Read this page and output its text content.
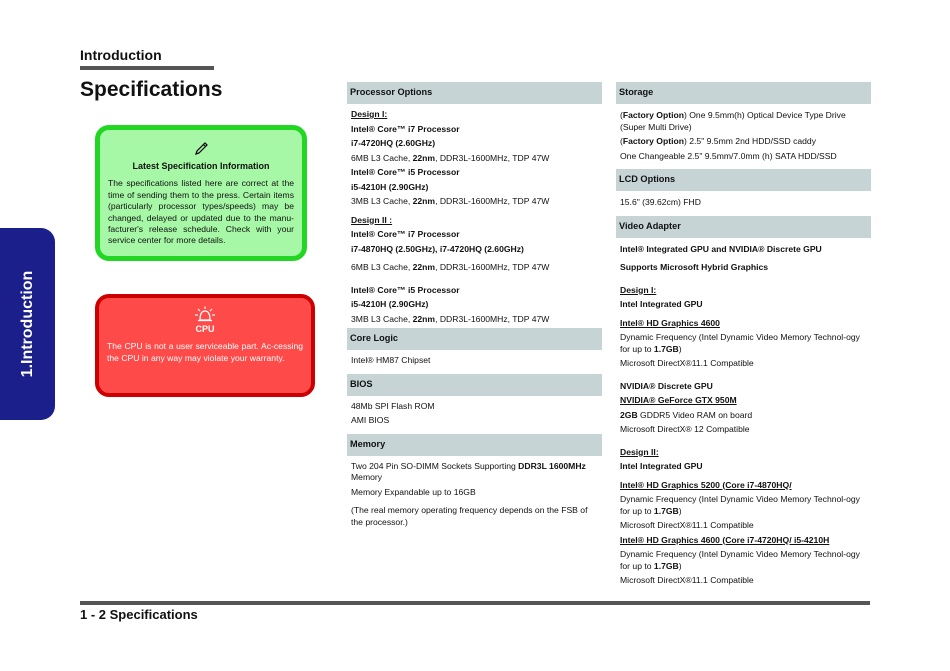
Introduction
Specifications
1.Introduction
Latest Specification Information
The specifications listed here are correct at the time of sending them to the press. Certain items (particularly processor types/speeds) may be changed, delayed or updated due to the manu-facturer's release schedule. Check with your service center for more details.
CPU
The CPU is not a user serviceable part. Ac-cessing the CPU in any way may violate your warranty.
Processor Options
Design I:
Intel® Core™ i7 Processor
i7-4720HQ (2.60GHz)
6MB L3 Cache, 22nm, DDR3L-1600MHz, TDP 47W
Intel® Core™ i5 Processor
i5-4210H (2.90GHz)
3MB L3 Cache, 22nm, DDR3L-1600MHz, TDP 47W
Design II :
Intel® Core™ i7 Processor
i7-4870HQ (2.50GHz), i7-4720HQ (2.60GHz)
6MB L3 Cache, 22nm, DDR3L-1600MHz, TDP 47W
Intel® Core™ i5 Processor
i5-4210H (2.90GHz)
3MB L3 Cache, 22nm, DDR3L-1600MHz, TDP 47W
Core Logic
Intel® HM87 Chipset
BIOS
48Mb SPI Flash ROM
AMI BIOS
Memory
Two 204 Pin SO-DIMM Sockets Supporting DDR3L 1600MHz Memory
Memory Expandable up to 16GB
(The real memory operating frequency depends on the FSB of the processor.)
Storage
(Factory Option) One 9.5mm(h) Optical Device Type Drive (Super Multi Drive)
(Factory Option) 2.5" 9.5mm 2nd HDD/SSD caddy
One Changeable 2.5" 9.5mm/7.0mm (h) SATA HDD/SSD
LCD Options
15.6" (39.62cm) FHD
Video Adapter
Intel® Integrated GPU and NVIDIA® Discrete GPU
Supports Microsoft Hybrid Graphics
Design I:
Intel Integrated GPU
Intel® HD Graphics 4600
Dynamic Frequency (Intel Dynamic Video Memory Technol-ogy for up to 1.7GB)
Microsoft DirectX®11.1 Compatible
NVIDIA® Discrete GPU
NVIDIA® GeForce GTX 950M
2GB GDDR5 Video RAM on board
Microsoft DirectX® 12 Compatible
Design II:
Intel Integrated GPU
Intel® HD Graphics 5200 (Core i7-4870HQ/
Dynamic Frequency (Intel Dynamic Video Memory Technol-ogy for up to 1.7GB)
Microsoft DirectX®11.1 Compatible
Intel® HD Graphics 4600 (Core i7-4720HQ/ i5-4210H
Dynamic Frequency (Intel Dynamic Video Memory Technol-ogy for up to 1.7GB)
Microsoft DirectX®11.1 Compatible
1 - 2 Specifications
